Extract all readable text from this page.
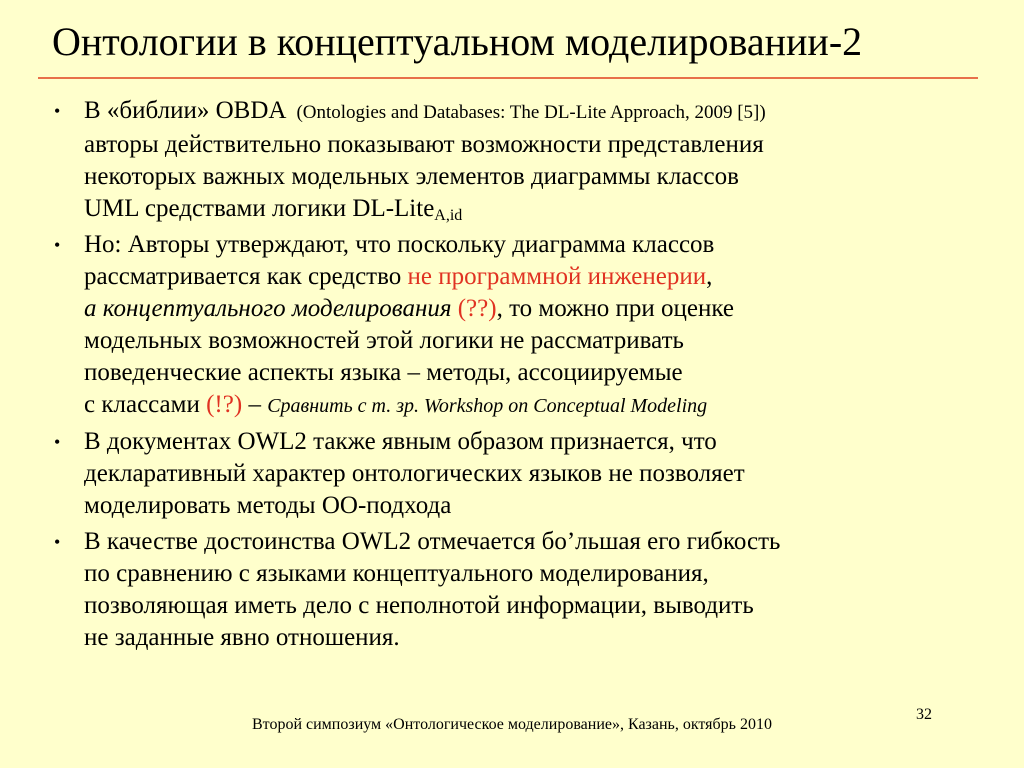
Онтологии в концептуальном моделировании-2
• В «библии» OBDA (Ontologies and Databases: The DL-Lite Approach, 2009 [5])
авторы действительно показывают возможности представления
некоторых важных модельных элементов диаграммы классов
UML средствами логики DL-Lite$_{A,id}$
• Но: Авторы утверждают, что поскольку диаграмма классов
рассматривается как средство не программной инженерии,
а концептуального моделирования (??), то можно при оценке
модельных возможностей этой логики не рассматривать
поведенческие аспекты языка – методы, ассоциируемые
с классами (!?) – Сравнить с т. зр. Workshop on Conceptual Modeling
• В документах OWL2 также явным образом признается, что
декларативный характер онтологических языков не позволяет
моделировать методы ОО-подхода
• В качестве достоинства OWL2 отмечается бо’льшая его гибкость
по сравнению с языками концептуального моделирования,
позволяющая иметь дело с неполнотой информации, выводить
не заданные явно отношения.
Второй симпозиум «Онтологическое моделирование», Казань, октябрь 2010
32
